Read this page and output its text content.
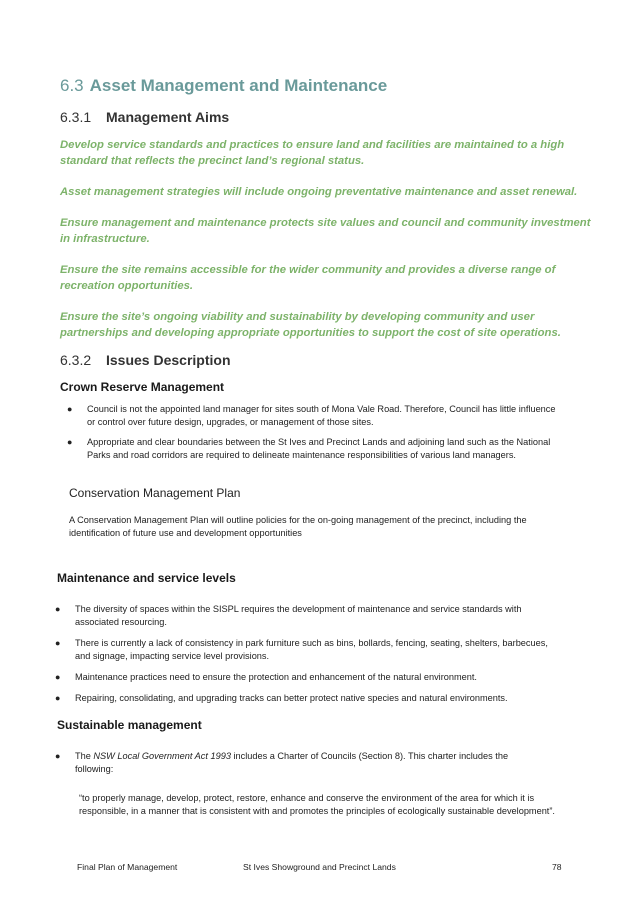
6.3 Asset Management and Maintenance
6.3.1 Management Aims

Develop service standards and practices to ensure land and facilities are maintained to a high standard that reflects the precinct land’s regional status.

Asset management strategies will include ongoing preventative maintenance and asset renewal.

Ensure management and maintenance protects site values and council and community investment in infrastructure.

Ensure the site remains accessible for the wider community and provides a diverse range of recreation opportunities.

Ensure the site’s ongoing viability and sustainability by developing community and user partnerships and developing appropriate opportunities to support the cost of site operations.

6.3.2 Issues Description
Crown Reserve Management
● Council is not the appointed land manager for sites south of Mona Vale Road. Therefore, Council has little influence or control over future design, upgrades, or management of those sites.
● Appropriate and clear boundaries between the St Ives and Precinct Lands and adjoining land such as the National Parks and road corridors are required to delineate maintenance responsibilities of various land managers.
Conservation Management Plan
A Conservation Management Plan will outline policies for the on-going management of the precinct, including the identification of future use and development opportunities
Maintenance and service levels
● The diversity of spaces within the SISPL requires the development of maintenance and service standards with associated resourcing.
● There is currently a lack of consistency in park furniture such as bins, bollards, fencing, seating, shelters, barbecues, and signage, impacting service level provisions.
● Maintenance practices need to ensure the protection and enhancement of the natural environment.
● Repairing, consolidating, and upgrading tracks can better protect native species and natural environments.
Sustainable management
● The NSW Local Government Act 1993 includes a Charter of Councils (Section 8). This charter includes the following:
“to properly manage, develop, protect, restore, enhance and conserve the environment of the area for which it is responsible, in a manner that is consistent with and promotes the principles of ecologically sustainable development”.
Final Plan of Management	St Ives Showground and Precinct Lands	78
